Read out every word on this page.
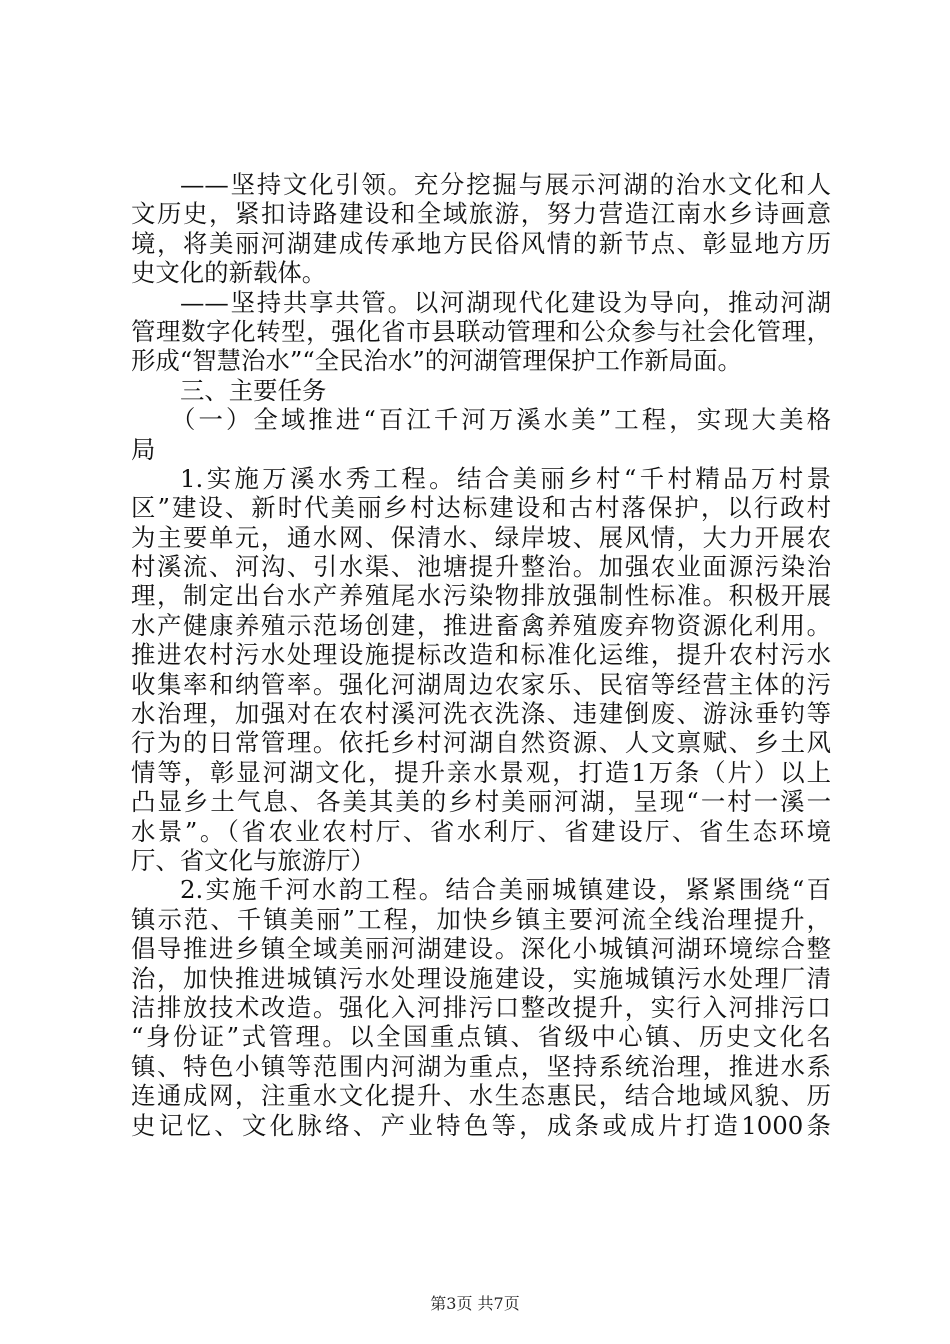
——坚持文化引领。充分挖掘与展示河湖的治水文化和人
文历史，紧扣诗路建设和全域旅游，努力营造江南水乡诗画意
境，将美丽河湖建成传承地方民俗风情的新节点、彰显地方历
史文化的新载体。
——坚持共享共管。以河湖现代化建设为导向，推动河湖
管理数字化转型，强化省市县联动管理和公众参与社会化管理，
形成“智慧治水”“全民治水”的河湖管理保护工作新局面。
三、主要任务
（一）全域推进“百江千河万溪水美”工程，实现大美格
局
1.实施万溪水秀工程。结合美丽乡村“千村精品万村景
区”建设、新时代美丽乡村达标建设和古村落保护，以行政村
为主要单元，通水网、保清水、绿岸坡、展风情，大力开展农
村溪流、河沟、引水渠、池塘提升整治。加强农业面源污染治
理，制定出台水产养殖尾水污染物排放强制性标准。积极开展
水产健康养殖示范场创建，推进畜禽养殖废弃物资源化利用。
推进农村污水处理设施提标改造和标准化运维，提升农村污水
收集率和纳管率。强化河湖周边农家乐、民宿等经营主体的污
水治理，加强对在农村溪河洗衣洗涤、违建倒废、游泳垂钓等
行为的日常管理。依托乡村河湖自然资源、人文禀赋、乡土风
情等，彰显河湖文化，提升亲水景观，打造1万条（片）以上
凸显乡土气息、各美其美的乡村美丽河湖，呈现“一村一溪一
水景”。（省农业农村厅、省水利厅、省建设厅、省生态环境
厅、省文化与旅游厅）
2.实施千河水韵工程。结合美丽城镇建设，紧紧围绕“百
镇示范、千镇美丽”工程，加快乡镇主要河流全线治理提升，
倡导推进乡镇全域美丽河湖建设。深化小城镇河湖环境综合整
治，加快推进城镇污水处理设施建设，实施城镇污水处理厂清
洁排放技术改造。强化入河排污口整改提升，实行入河排污口
“身份证”式管理。以全国重点镇、省级中心镇、历史文化名
镇、特色小镇等范围内河湖为重点，坚持系统治理，推进水系
连通成网，注重水文化提升、水生态惠民，结合地域风貌、历
史记忆、文化脉络、产业特色等，成条或成片打造1000条
第3页 共7页
